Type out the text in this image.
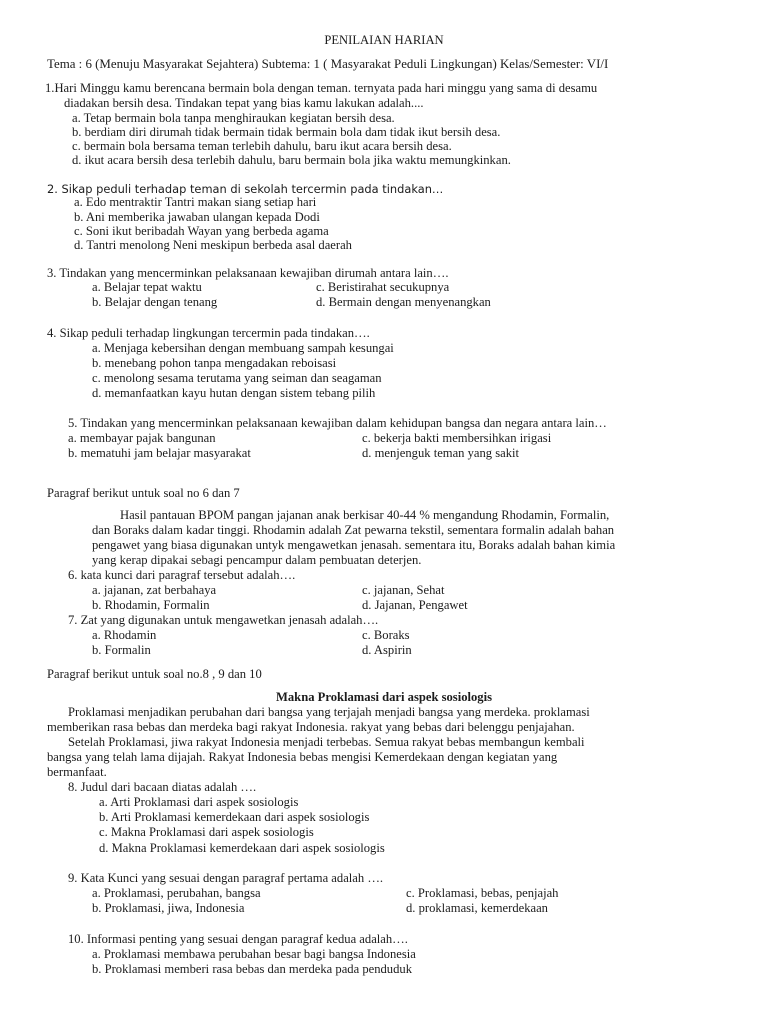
PENILAIAN HARIAN
Tema : 6 (Menuju Masyarakat Sejahtera) Subtema: 1 ( Masyarakat Peduli Lingkungan) Kelas/Semester: VI/I
1.Hari Minggu kamu berencana bermain bola dengan teman. ternyata pada hari minggu yang sama di desamu
diadakan bersih desa. Tindakan tepat yang bias kamu lakukan adalah....
a. Tetap bermain bola tanpa menghiraukan kegiatan bersih desa.
b. berdiam diri dirumah tidak bermain tidak bermain bola dam tidak ikut bersih desa.
c. bermain bola bersama teman terlebih dahulu, baru ikut acara bersih desa.
d. ikut acara bersih desa terlebih dahulu, baru bermain bola jika waktu memungkinkan.
2. Sikap peduli terhadap teman di sekolah tercermin pada tindakan…
a. Edo mentraktir Tantri makan siang setiap hari
b. Ani memberika jawaban ulangan kepada Dodi
c. Soni ikut beribadah Wayan yang berbeda agama
d. Tantri menolong Neni meskipun berbeda asal daerah
3. Tindakan yang mencerminkan pelaksanaan kewajiban dirumah antara lain….
a. Belajar tepat waktu	c. Beristirahat secukupnya
b. Belajar dengan tenang	d. Bermain dengan menyenangkan
4. Sikap peduli terhadap lingkungan tercermin pada tindakan….
a. Menjaga kebersihan dengan membuang sampah kesungai
b. menebang pohon tanpa mengadakan reboisasi
c. menolong sesama terutama yang seiman dan seagaman
d. memanfaatkan kayu hutan dengan sistem tebang pilih
5. Tindakan yang mencerminkan pelaksanaan kewajiban dalam kehidupan bangsa dan negara antara lain…
a. membayar pajak bangunan	c. bekerja bakti membersihkan irigasi
b. mematuhi jam belajar masyarakat	d. menjenguk teman yang sakit
Paragraf berikut untuk soal no 6 dan 7
Hasil pantauan BPOM pangan jajanan anak berkisar 40-44 % mengandung Rhodamin, Formalin,
dan Boraks dalam kadar tinggi. Rhodamin adalah Zat pewarna tekstil, sementara formalin adalah bahan
pengawet yang biasa digunakan untyk mengawetkan jenasah. sementara itu, Boraks adalah bahan kimia
yang kerap dipakai sebagi pencampur dalam pembuatan deterjen.
6. kata kunci dari paragraf tersebut adalah….
a. jajanan, zat berbahaya	c. jajanan, Sehat
b. Rhodamin, Formalin	d. Jajanan, Pengawet
7. Zat yang digunakan untuk mengawetkan jenasah adalah….
a. Rhodamin	c. Boraks
b. Formalin	d. Aspirin
Paragraf berikut untuk soal no.8 , 9 dan 10
Makna Proklamasi dari aspek sosiologis
Proklamasi menjadikan perubahan dari bangsa yang terjajah menjadi bangsa yang merdeka. proklamasi
memberikan rasa bebas dan merdeka bagi rakyat Indonesia. rakyat yang bebas dari belenggu penjajahan.
Setelah Proklamasi, jiwa rakyat Indonesia menjadi terbebas. Semua rakyat bebas membangun kembali
bangsa yang telah lama dijajah. Rakyat Indonesia bebas mengisi Kemerdekaan dengan kegiatan yang
bermanfaat.
8. Judul dari bacaan diatas adalah ….
a. Arti Proklamasi dari aspek sosiologis
b. Arti Proklamasi kemerdekaan dari aspek sosiologis
c. Makna Proklamasi dari aspek sosiologis
d. Makna Proklamasi kemerdekaan dari aspek sosiologis
9. Kata Kunci yang sesuai dengan paragraf pertama adalah ….
a. Proklamasi, perubahan, bangsa	c. Proklamasi, bebas, penjajah
b. Proklamasi, jiwa, Indonesia	d. proklamasi, kemerdekaan
10. Informasi penting yang sesuai dengan paragraf kedua adalah….
a. Proklamasi membawa perubahan besar bagi bangsa Indonesia
b. Proklamasi memberi rasa bebas dan merdeka pada penduduk
